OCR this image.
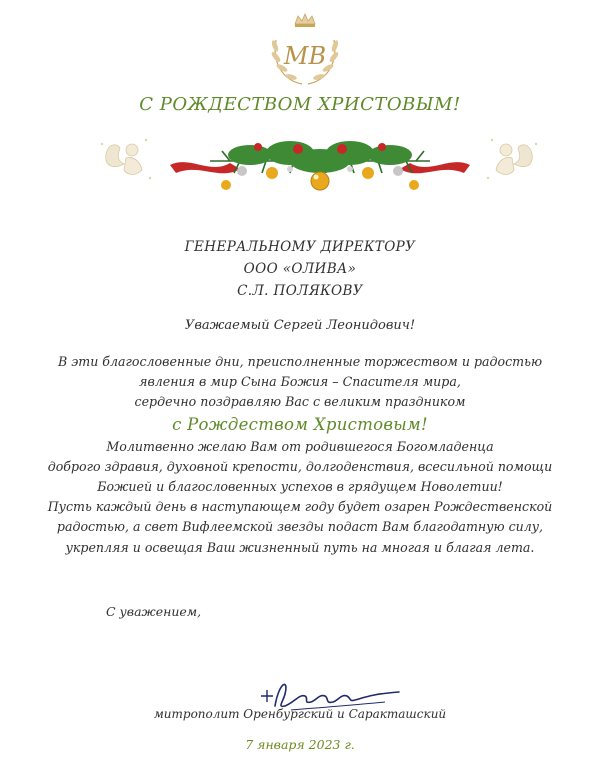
МВ
С РОЖДЕСТВОМ ХРИСТОВЫМ!
ГЕНЕРАЛЬНОМУ ДИРЕКТОРУ
ООО «ОЛИВА»
С.Л. ПОЛЯКОВУ
Уважаемый Сергей Леонидович!
В эти благословенные дни, преисполненные торжеством и радостью
явления в мир Сына Божия – Спасителя мира,
сердечно поздравляю Вас с великим праздником
с Рождеством Христовым!
Молитвенно желаю Вам от родившегося Богомладенца
доброго здравия, духовной крепости, долгоденствия, всесильной помощи
Божией и благословенных успехов в грядущем Новолетии!
Пусть каждый день в наступающем году будет озарен Рождественской
радостью, а свет Вифлеемской звезды подаст Вам благодатную силу,
укрепляя и освещая Ваш жизненный путь на многая и благая лета.
С уважением,
митрополит Оренбургский и Саракташский
7 января 2023 г.
